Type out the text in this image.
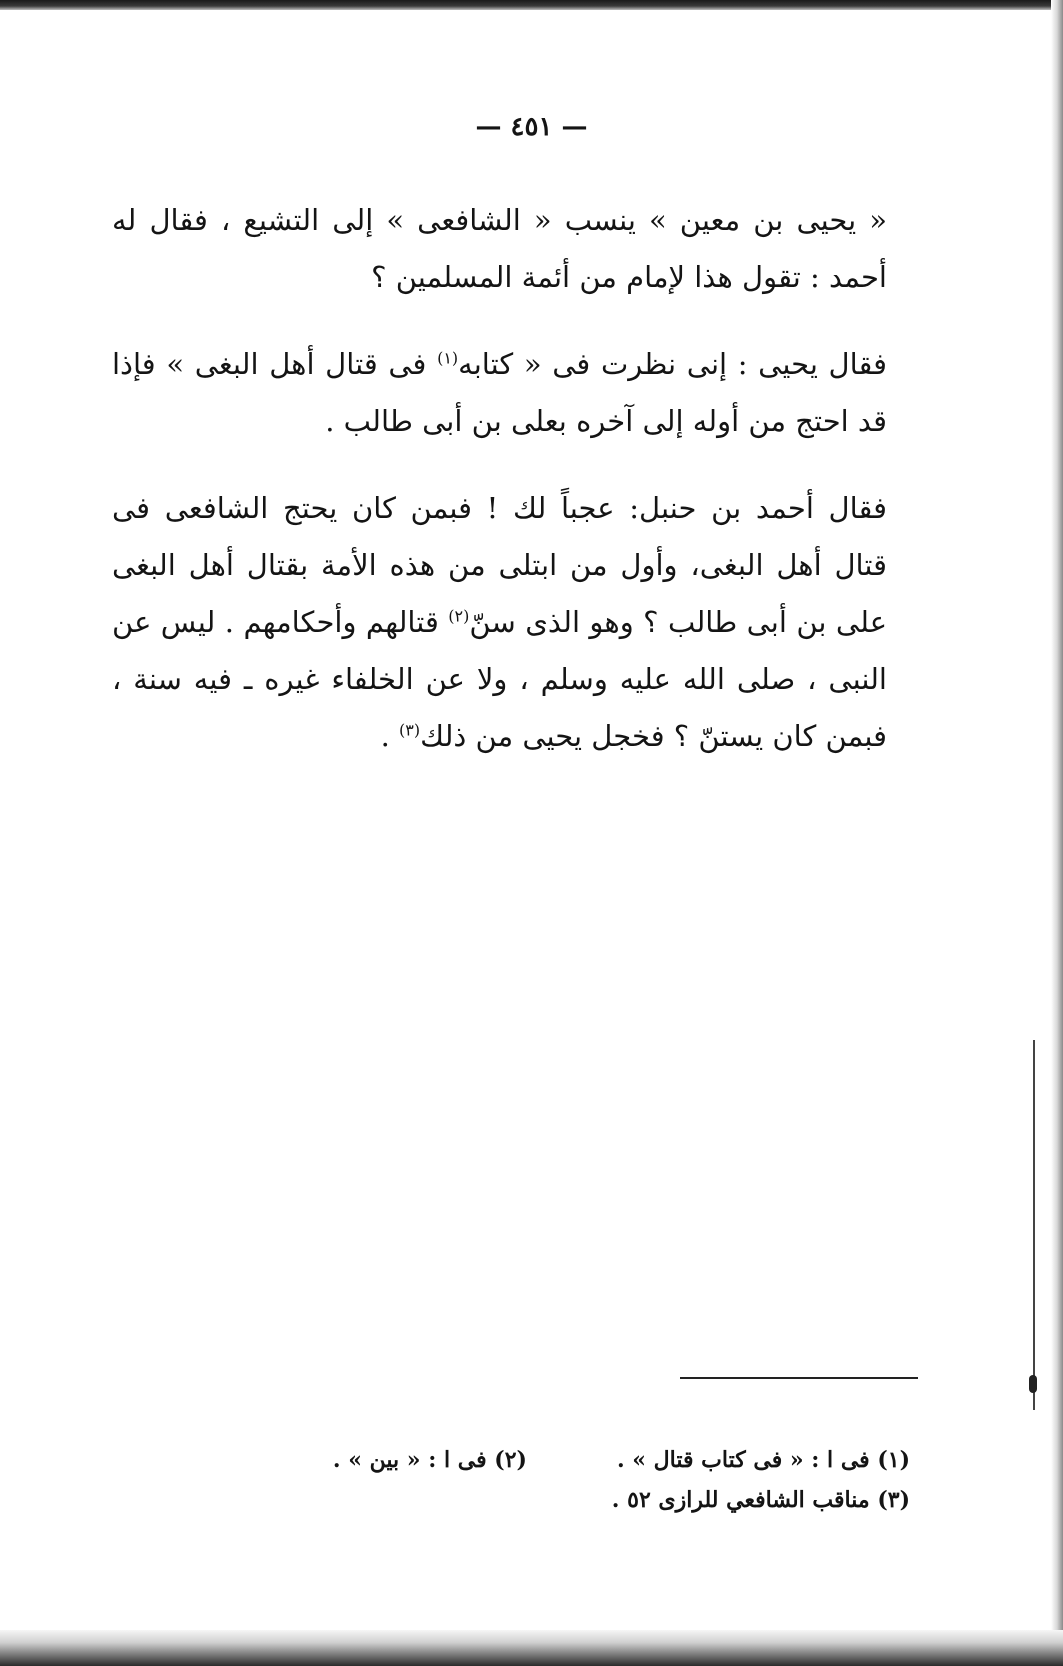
— ٤٥١ —

« يحيى بن معين » ينسب « الشافعى » إلى التشيع ، فقال له أحمد : تقول هذا لإمام من أئمة المسلمين ؟

فقال يحيى : إنى نظرت فى « كتابه$^{(١)}$ فى قتال أهل البغى » فإذا قد احتج من أوله إلى آخره بعلى بن أبى طالب .

فقال أحمد بن حنبل: عجباً لك ! فبمن كان يحتج الشافعى فى قتال أهل البغى، وأول من ابتلى من هذه الأمة بقتال أهل البغى على بن أبى طالب ؟ وهو الذى سنّ$^{(٢)}$ قتالهم وأحكامهم . ليس عن النبى ، صلى الله عليه وسلم ، ولا عن الخلفاء غيره ـ فيه سنة ، فبمن كان يستنّ ؟ فخجل يحيى من ذلك$^{(٣)}$ .

(١) فى ا : « فى كتاب قتال » .
(٢) فى ا : « بين » .
(٣) مناقب الشافعي للرازى ٥٢ .
